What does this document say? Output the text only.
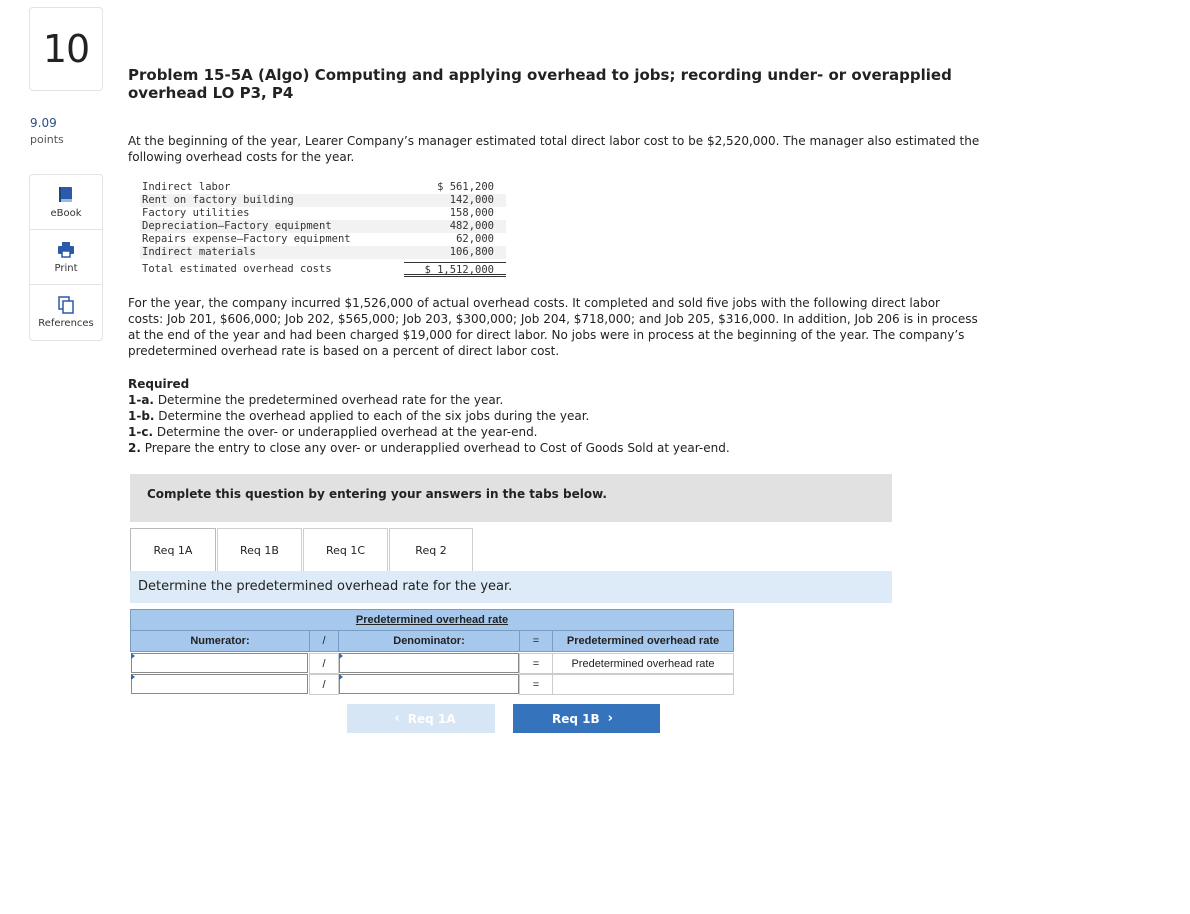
10
9.09
points
eBook
Print
References
Problem 15-5A (Algo) Computing and applying overhead to jobs; recording under- or overapplied overhead LO P3, P4
At the beginning of the year, Learer Company’s manager estimated total direct labor cost to be $2,520,000. The manager also estimated the following overhead costs for the year.
Indirect labor	$ 561,200
Rent on factory building	142,000
Factory utilities	158,000
Depreciation—Factory equipment	482,000
Repairs expense—Factory equipment	62,000
Indirect materials	106,800
Total estimated overhead costs	$ 1,512,000
For the year, the company incurred $1,526,000 of actual overhead costs. It completed and sold five jobs with the following direct labor costs: Job 201, $606,000; Job 202, $565,000; Job 203, $300,000; Job 204, $718,000; and Job 205, $316,000. In addition, Job 206 is in process at the end of the year and had been charged $19,000 for direct labor. No jobs were in process at the beginning of the year. The company’s predetermined overhead rate is based on a percent of direct labor cost.
Required
1-a. Determine the predetermined overhead rate for the year.
1-b. Determine the overhead applied to each of the six jobs during the year.
1-c. Determine the over- or underapplied overhead at the year-end.
2. Prepare the entry to close any over- or underapplied overhead to Cost of Goods Sold at year-end.
Complete this question by entering your answers in the tabs below.
Req 1A	Req 1B	Req 1C	Req 2
Determine the predetermined overhead rate for the year.
Predetermined overhead rate
Numerator:	/	Denominator:	=	Predetermined overhead rate
/	=	Predetermined overhead rate
/	=
‹ Req 1A	Req 1B ›
